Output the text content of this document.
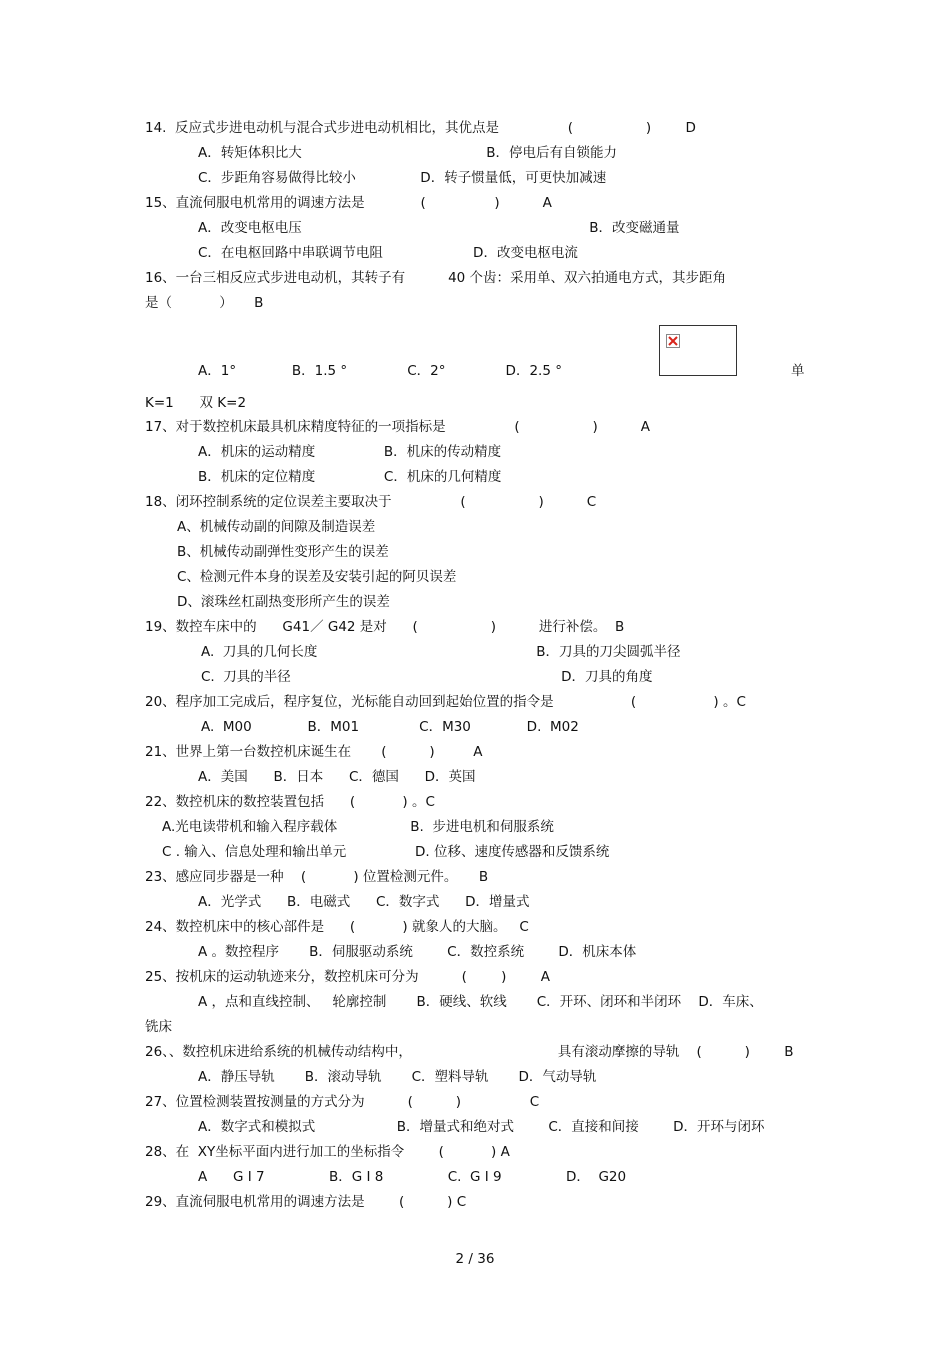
14.  反应式步进电动机与混合式步进电动机相比，其优点是                (                 )        D
A．转矩体积比大                                           B．停电后有自锁能力
C．步距角容易做得比较小               D．转子惯量低，可更快加减速
15、直流伺服电机常用的调速方法是             (                )          A
A．改变电枢电压                                                                   B．改变磁通量
C．在电枢回路中串联调节电阻                     D．改变电枢电流
16、一台三相反应式步进电动机，其转子有          40 个齿：采用单、双六拍通电方式，其步距角
是（           ）     B
A．1°             B．1.5 °              C．2°              D．2.5 °	单
K=1      双 K=2
17、对于数控机床最具机床精度特征的一项指标是                (                 )          A
A．机床的运动精度                B．机床的传动精度
B．机床的定位精度                C．机床的几何精度
18、闭环控制系统的定位误差主要取决于                (                 )          C
A、机械传动副的间隙及制造误差
B、机械传动副弹性变形产生的误差
C、检测元件本身的误差及安装引起的阿贝误差
D、滚珠丝杠副热变形所产生的误差
19、数控车床中的      G41／ G42 是对      (                 )          进行补偿。  B
A.  刀具的几何长度                                                   B．刀具的刀尖圆弧半径
C.  刀具的半径                                                               D．刀具的角度
20、程序加工完成后，程序复位，光标能自动回到起始位置的指令是                  (                  ) 。C
A.  M00             B．M01              C．M30             D.  M02
21、世界上第一台数控机床诞生在       (          )         A
A．美国      B．日本      C．德国      D．英国
22、数控机床的数控装置包括      (           ) 。C
A.光电读带机和输入程序载体                 B.  步进电机和伺服系统
C . 输入、信息处理和输出单元                D. 位移、速度传感器和反馈系统
23、感应同步器是一种    (           ) 位置检测元件。     B
A．光学式      B．电磁式      C．数字式      D．增量式
24、数控机床中的核心部件是      (           ) 就象人的大脑。   C
A 。数控程序       B．伺服驱动系统        C．数控系统        D．机床本体
25、按机床的运动轨迹来分，数控机床可分为          (        )        A
A ，点和直线控制、   轮廓控制       B．硬线、软线       C．开环、闭环和半闭环    D．车床、
铣床
26、、数控机床进给系统的机械传动结构中，                                  具有滚动摩擦的导轨    (          )        B
A．静压导轨       B．滚动导轨       C．塑料导轨       D．气动导轨
27、位置检测装置按测量的方式分为          (          )                C
A．数字式和模拟式                   B．增量式和绝对式        C．直接和间接        D．开环与闭环
28、在  XY坐标平面内进行加工的坐标指令        (           ) A
A      G I 7               B．G I 8               C.  G I 9               D．  G20
29、直流伺服电机常用的调速方法是        (          ) C
2 / 36
